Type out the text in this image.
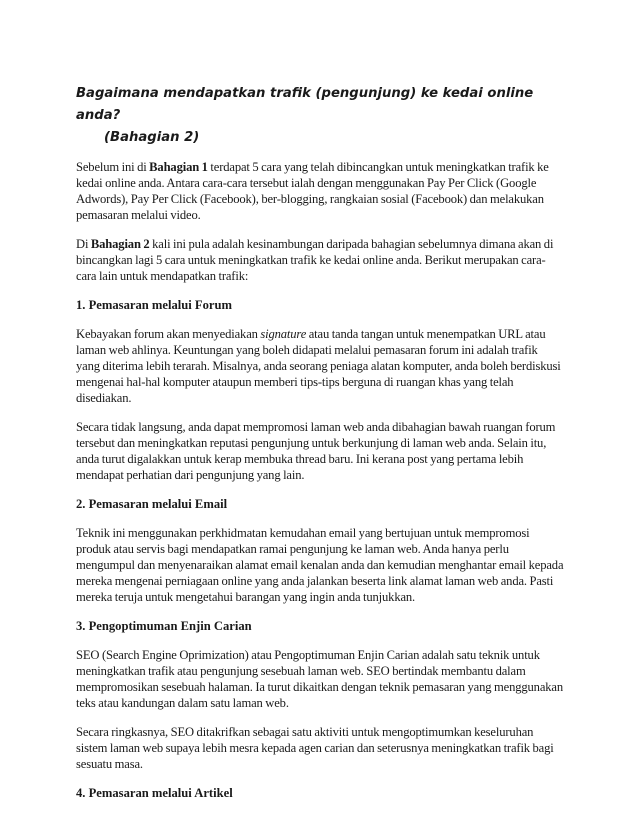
Bagaimana mendapatkan trafik (pengunjung) ke kedai online anda?

(Bahagian 2)

Sebelum ini di Bahagian 1 terdapat 5 cara yang telah dibincangkan untuk meningkatkan trafik ke kedai online anda. Antara cara-cara tersebut ialah dengan menggunakan Pay Per Click (Google Adwords), Pay Per Click (Facebook), ber-blogging, rangkaian sosial (Facebook) dan melakukan pemasaran melalui video.

Di Bahagian 2 kali ini pula adalah kesinambungan daripada bahagian sebelumnya dimana akan di bincangkan lagi 5 cara untuk meningkatkan trafik ke kedai online anda. Berikut merupakan cara-cara lain untuk mendapatkan trafik:

1. Pemasaran melalui Forum

Kebayakan forum akan menyediakan signature atau tanda tangan untuk menempatkan URL atau laman web ahlinya. Keuntungan yang boleh didapati melalui pemasaran forum ini adalah trafik yang diterima lebih terarah. Misalnya, anda seorang peniaga alatan komputer, anda boleh berdiskusi mengenai hal-hal komputer ataupun memberi tips-tips berguna di ruangan khas yang telah disediakan.

Secara tidak langsung, anda dapat mempromosi laman web anda dibahagian bawah ruangan forum tersebut dan meningkatkan reputasi pengunjung untuk berkunjung di laman web anda. Selain itu, anda turut digalakkan untuk kerap membuka thread baru. Ini kerana post yang pertama lebih mendapat perhatian dari pengunjung yang lain.

2. Pemasaran melalui Email

Teknik ini menggunakan perkhidmatan kemudahan email yang bertujuan untuk mempromosi produk atau servis bagi mendapatkan ramai pengunjung ke laman web. Anda hanya perlu mengumpul dan menyenaraikan alamat email kenalan anda dan kemudian menghantar email kepada mereka mengenai perniagaan online yang anda jalankan beserta link alamat laman web anda. Pasti mereka teruja untuk mengetahui barangan yang ingin anda tunjukkan.

3. Pengoptimuman Enjin Carian

SEO (Search Engine Oprimization) atau Pengoptimuman Enjin Carian adalah satu teknik untuk meningkatkan trafik atau pengunjung sesebuah laman web. SEO bertindak membantu dalam mempromosikan sesebuah halaman. Ia turut dikaitkan dengan teknik pemasaran yang menggunakan teks atau kandungan dalam satu laman web.

Secara ringkasnya, SEO ditakrifkan sebagai satu aktiviti untuk mengoptimumkan keseluruhan sistem laman web supaya lebih mesra kepada agen carian dan seterusnya meningkatkan trafik bagi sesuatu masa.

4. Pemasaran melalui Artikel
